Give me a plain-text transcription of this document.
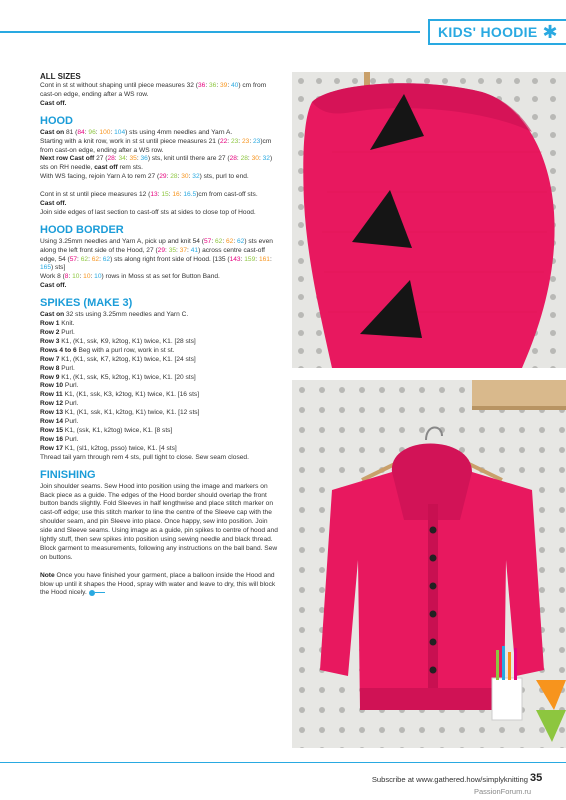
KIDS' HOODIE ✱
ALL SIZES

Cont in st st without shaping until piece measures 32 (36: 36: 39: 40) cm from cast-on edge, ending after a WS row.

Cast off.

HOOD

Cast on 81 (84: 96: 100: 104) sts using 4mm needles and Yarn A.

Starting with a knit row, work in st st until piece measures 21 (22: 23: 23: 23)cm from cast-on edge, ending after a WS row.

Next row Cast off 27 (28: 34: 35: 36) sts, knit until there are 27 (28: 28: 30: 32) sts on RH needle, cast off rem sts.

With WS facing, rejoin Yarn A to rem 27 (29: 28: 30: 32) sts, purl to end.

Cont in st st until piece measures 12 (13: 15: 16: 16.5)cm from cast-off sts.

Cast off.

Join side edges of last section to cast-off sts at sides to close top of Hood.

HOOD BORDER

Using 3.25mm needles and Yarn A, pick up and knit 54 (57: 62: 62: 62) sts even along the left front side of the Hood, 27 (29: 35: 37: 41) across centre cast-off edge, 54 (57: 62: 62: 62) sts along right front side of Hood. [135 (143: 159: 161: 165) sts]

Work 8 (8: 10: 10: 10) rows in Moss st as set for Button Band.

Cast off.

SPIKES (MAKE 3)

Cast on 32 sts using 3.25mm needles and Yarn C.

Row 1 Knit.

Row 2 Purl.

Row 3 K1, (K1, ssk, K9, k2tog, K1) twice, K1. [28 sts]

Rows 4 to 6 Beg with a purl row, work in st st.

Row 7 K1, (K1, ssk, K7, k2tog, K1) twice, K1. [24 sts]

Row 8 Purl.

Row 9 K1, (K1, ssk, K5, k2tog, K1) twice, K1. [20 sts]

Row 10 Purl.

Row 11 K1, (K1, ssk, K3, k2tog, K1) twice, K1. [16 sts]

Row 12 Purl.

Row 13 K1, (K1, ssk, K1, k2tog, K1) twice, K1. [12 sts]

Row 14 Purl.

Row 15 K1, (ssk, K1, k2tog) twice, K1. [8 sts]

Row 16 Purl.

Row 17 K1, (sl1, k2tog, psso) twice, K1. [4 sts]

Thread tail yarn through rem 4 sts, pull tight to close. Sew seam closed.

FINISHING

Join shoulder seams. Sew Hood into position using the image and markers on Back piece as a guide. The edges of the Hood border should overlap the front button bands slightly. Fold Sleeves in half lengthwise and place stitch marker on cast-off edge; use this stitch marker to line the centre of the Sleeve cap with the shoulder seam, and pin Sleeve into place. Once happy, sew into position. Join side and Sleeve seams. Using image as a guide, pin spikes to centre of hood and lightly stuff, then sew spikes into position using sewing needle and black thread. Block garment to measurements, following any instructions on the ball band. Sew on buttons.

Note Once you have finished your garment, place a balloon inside the Hood and blow up until it shapes the Hood, spray with water and leave to dry, this will block the Hood nicely.

Subscribe at www.gathered.how/simplyknitting 35
PassionForum.ru
